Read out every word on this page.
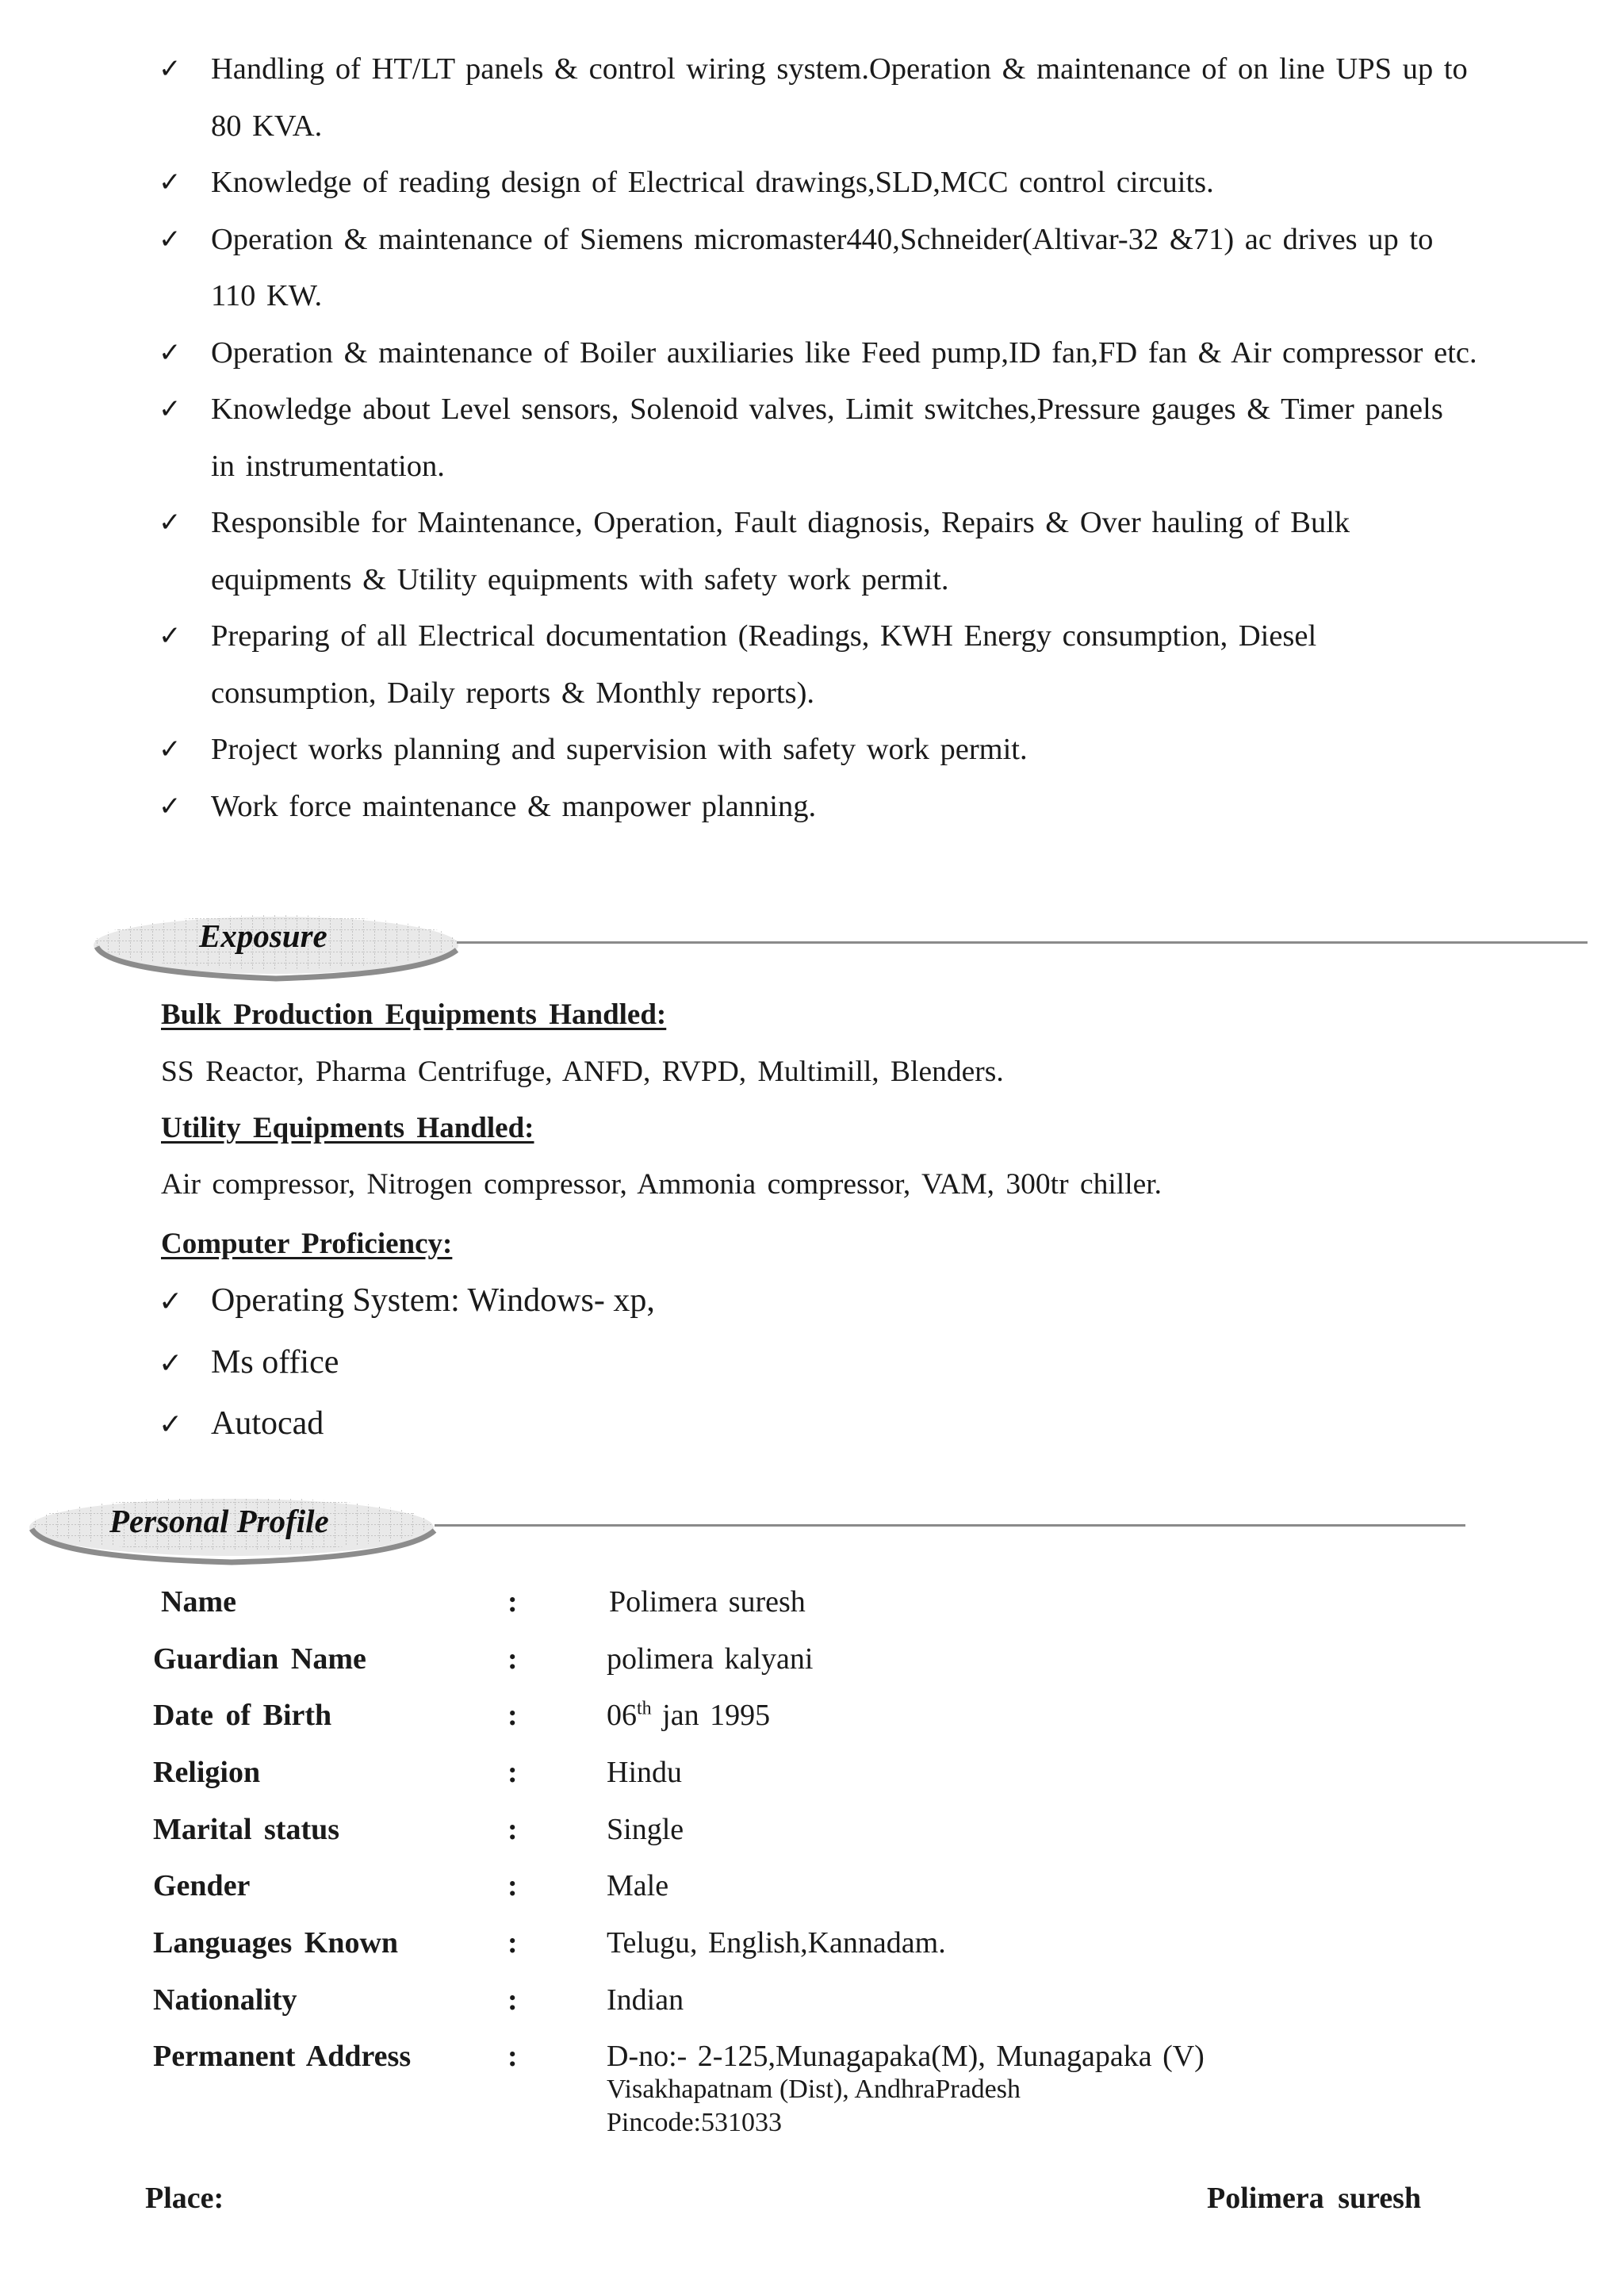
✓ Handling of HT/LT panels & control wiring system.Operation & maintenance of on line UPS up to
80 KVA.
✓ Knowledge of reading design of Electrical drawings,SLD,MCC control circuits.
✓ Operation & maintenance of Siemens micromaster440,Schneider(Altivar-32 &71) ac drives up to
110 KW.
✓ Operation & maintenance of Boiler auxiliaries like Feed pump,ID fan,FD fan & Air compressor etc.
✓ Knowledge about Level sensors, Solenoid valves, Limit switches,Pressure gauges & Timer panels
in instrumentation.
✓ Responsible for Maintenance, Operation, Fault diagnosis, Repairs & Over hauling of Bulk
equipments & Utility equipments with safety work permit.
✓ Preparing of all Electrical documentation (Readings, KWH Energy consumption, Diesel
consumption, Daily reports & Monthly reports).
✓ Project works planning and supervision with safety work permit.
✓ Work force maintenance & manpower planning.
Exposure
Bulk Production Equipments Handled:
SS Reactor, Pharma Centrifuge, ANFD, RVPD, Multimill, Blenders.
Utility Equipments Handled:
Air compressor, Nitrogen compressor, Ammonia compressor, VAM, 300tr chiller.
Computer Proficiency:
✓ Operating System: Windows- xp,
✓ Ms office
✓ Autocad
Personal Profile
Name	:	Polimera suresh
Guardian Name	:	polimera kalyani
Date of Birth	:	06th jan 1995
Religion	:	Hindu
Marital status	:	Single
Gender	:	Male
Languages Known	:	Telugu, English,Kannadam.
Nationality	:	Indian
Permanent Address	:	D-no:- 2-125,Munagapaka(M), Munagapaka (V)
Visakhapatnam (Dist), AndhraPradesh
Pincode:531033
Place:	Polimera suresh
